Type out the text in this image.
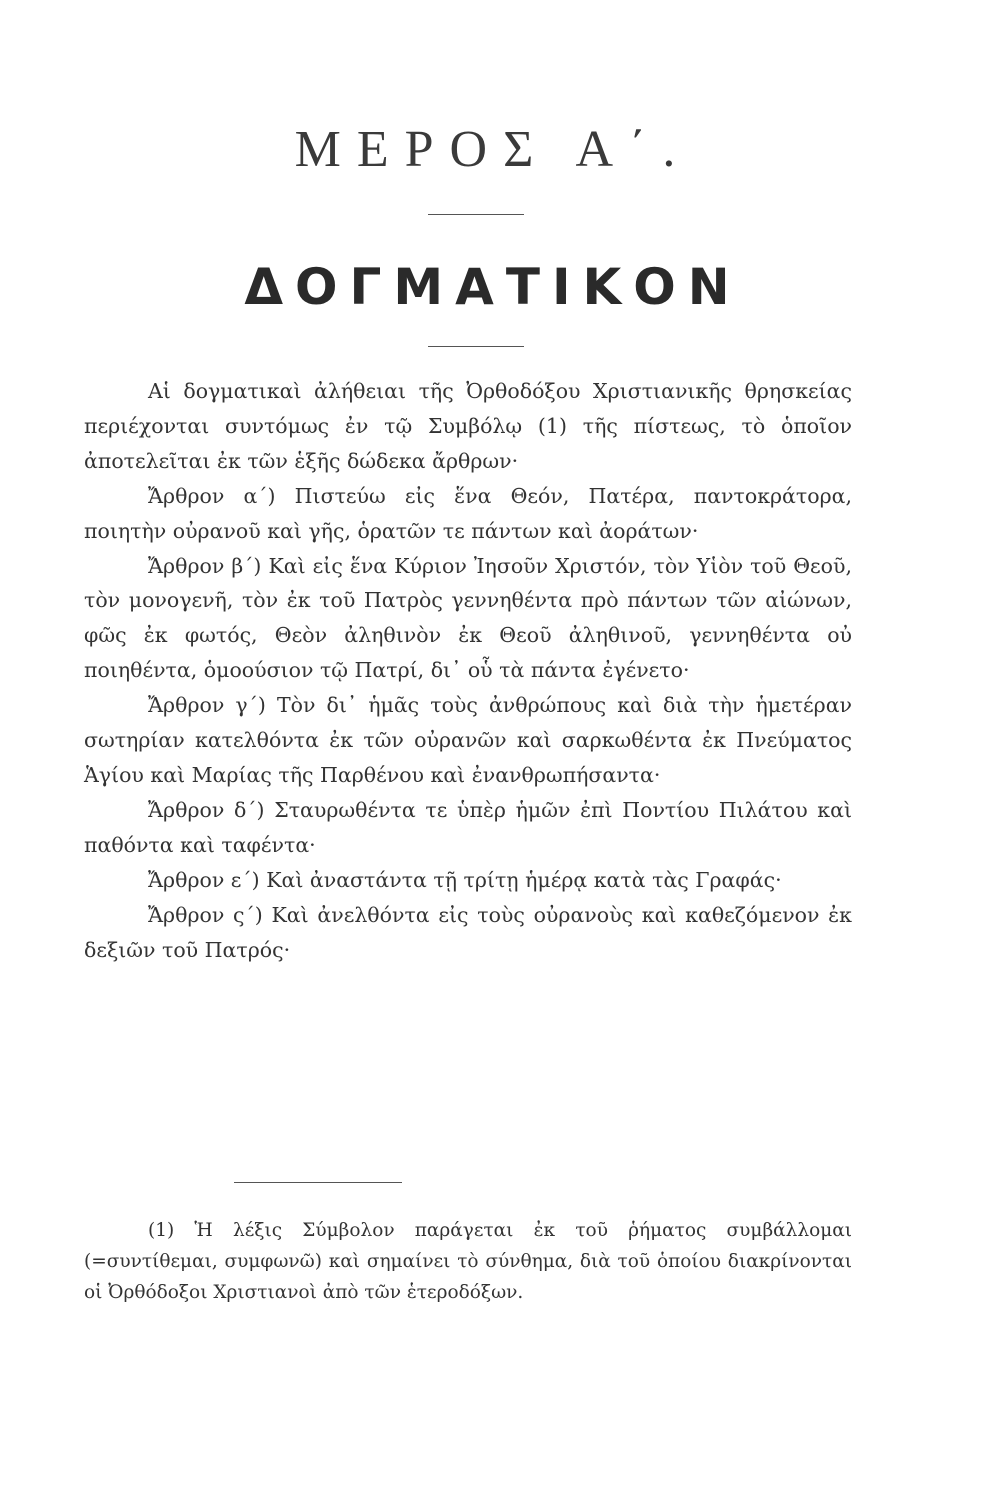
ΜΕΡΟΣ Α΄.
ΔΟΓΜΑΤΙΚΟΝ

Αἱ δογματικαὶ ἀλήθειαι τῆς Ὀρθοδόξου Χριστιανικῆς θρησκείας περιέχονται συντόμως ἐν τῷ Συμβόλῳ (1) τῆς πίστεως, τὸ ὁποῖον ἀποτελεῖται ἐκ τῶν ἑξῆς δώδεκα ἄρθρων·

Ἄρθρον α΄) Πιστεύω εἰς ἕνα Θεόν, Πατέρα, παντοκράτορα, ποιητὴν οὐρανοῦ καὶ γῆς, ὁρατῶν τε πάντων καὶ ἀοράτων·

Ἄρθρον β΄) Καὶ εἰς ἕνα Κύριον Ἰησοῦν Χριστόν, τὸν Υἱὸν τοῦ Θεοῦ, τὸν μονογενῆ, τὸν ἐκ τοῦ Πατρὸς γεννηθέντα πρὸ πάντων τῶν αἰώνων, φῶς ἐκ φωτός, Θεὸν ἀληθινὸν ἐκ Θεοῦ ἀληθινοῦ, γεννηθέντα οὐ ποιηθέντα, ὁμοούσιον τῷ Πατρί, δι᾿ οὗ τὰ πάντα ἐγένετο·

Ἄρθρον γ΄) Τὸν δι᾿ ἡμᾶς τοὺς ἀνθρώπους καὶ διὰ τὴν ἡμετέραν σωτηρίαν κατελθόντα ἐκ τῶν οὐρανῶν καὶ σαρκωθέντα ἐκ Πνεύματος Ἁγίου καὶ Μαρίας τῆς Παρθένου καὶ ἐνανθρωπήσαντα·

Ἄρθρον δ΄) Σταυρωθέντα τε ὑπὲρ ἡμῶν ἐπὶ Ποντίου Πιλάτου καὶ παθόντα καὶ ταφέντα·

Ἄρθρον ε΄) Καὶ ἀναστάντα τῇ τρίτῃ ἡμέρᾳ κατὰ τὰς Γραφάς·

Ἄρθρον ς΄) Καὶ ἀνελθόντα εἰς τοὺς οὐρανοὺς καὶ καθεζόμενον ἐκ δεξιῶν τοῦ Πατρός·

(1) Ἡ λέξις Σύμβολον παράγεται ἐκ τοῦ ῥήματος συμβάλλομαι (=συντίθεμαι, συμφωνῶ) καὶ σημαίνει τὸ σύνθημα, διὰ τοῦ ὁποίου διακρίνονται οἱ Ὀρθόδοξοι Χριστιανοὶ ἀπὸ τῶν ἑτεροδόξων.
